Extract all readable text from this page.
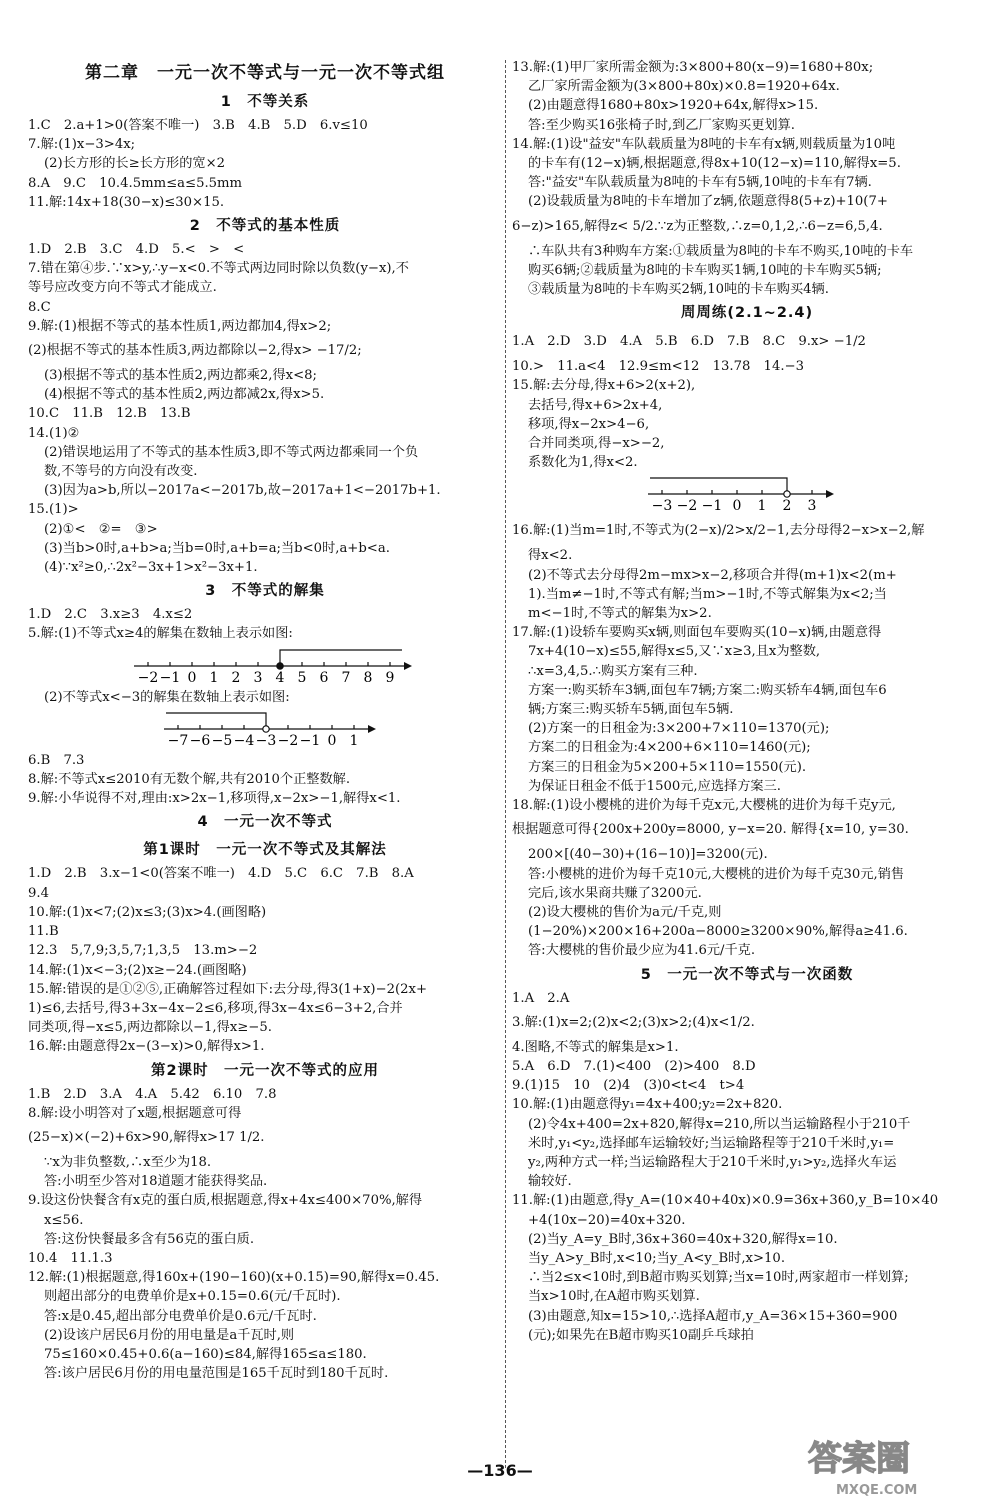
第二章　一元一次不等式与一元一次不等式组
1　不等关系
1.C　2.a+1>0(答案不唯一)　3.B　4.B　5.D　6.v≤10
7.解:(1)x−3>4x;
(2)长方形的长≥长方形的宽×2
8.A　9.C　10.4.5mm≤a≤5.5mm
11.解:14x+18(30−x)≤30×15.
2　不等式的基本性质
1.D　2.B　3.C　4.D　5.<　>　<
7.错在第④步.∵x>y,∴y−x<0.不等式两边同时除以负数(y−x),不
等号应改变方向不等式才能成立.
8.C
9.解:(1)根据不等式的基本性质1,两边都加4,得x>2;
(2)根据不等式的基本性质3,两边都除以−2,得x> −17/2;
(3)根据不等式的基本性质2,两边都乘2,得x<8;
(4)根据不等式的基本性质2,两边都减2x,得x>5.
10.C　11.B　12.B　13.B
14.(1)②
(2)错误地运用了不等式的基本性质3,即不等式两边都乘同一个负
数,不等号的方向没有改变.
(3)因为a>b,所以−2017a<−2017b,故−2017a+1<−2017b+1.
15.(1)>
(2)①<　②=　③>
(3)当b>0时,a+b>a;当b=0时,a+b=a;当b<0时,a+b<a.
(4)∵x²≥0,∴2x²−3x+1>x²−3x+1.
3　不等式的解集
1.D　2.C　3.x≥3　4.x≤2
5.解:(1)不等式x≥4的解集在数轴上表示如图:
−2 −1 0 1 2 3 4 5 6 7 8 9
(2)不等式x<−3的解集在数轴上表示如图:
−7 −6 −5 −4 −3 −2 −1 0 1
6.B　7.3
8.解:不等式x≤2010有无数个解,共有2010个正整数解.
9.解:小华说得不对,理由:x>2x−1,移项得,x−2x>−1,解得x<1.
4　一元一次不等式
第1课时　一元一次不等式及其解法
1.D　2.B　3.x−1<0(答案不唯一)　4.D　5.C　6.C　7.B　8.A
9.4
10.解:(1)x<7;(2)x≤3;(3)x>4.(画图略)
11.B
12.3　5,7,9;3,5,7;1,3,5　13.m>−2
14.解:(1)x<−3;(2)x≥−24.(画图略)
15.解:错误的是①②⑤,正确解答过程如下:去分母,得3(1+x)−2(2x+
1)≤6,去括号,得3+3x−4x−2≤6,移项,得3x−4x≤6−3+2,合并
同类项,得−x≤5,两边都除以−1,得x≥−5.
16.解:由题意得2x−(3−x)>0,解得x>1.
第2课时　一元一次不等式的应用
1.B　2.D　3.A　4.A　5.42　6.10　7.8
8.解:设小明答对了x题,根据题意可得
(25−x)×(−2)+6x>90,解得x>17 1/2.
∵x为非负整数,∴x至少为18.
答:小明至少答对18道题才能获得奖品.
9.设这份快餐含有x克的蛋白质,根据题意,得x+4x≤400×70%,解得
x≤56.
答:这份快餐最多含有56克的蛋白质.
10.4　11.1.3
12.解:(1)根据题意,得160x+(190−160)(x+0.15)=90,解得x=0.45.
则超出部分的电费单价是x+0.15=0.6(元/千瓦时).
答:x是0.45,超出部分电费单价是0.6元/千瓦时.
(2)设该户居民6月份的用电量是a千瓦时,则
75≤160×0.45+0.6(a−160)≤84,解得165≤a≤180.
答:该户居民6月份的用电量范围是165千瓦时到180千瓦时.
13.解:(1)甲厂家所需金额为:3×800+80(x−9)=1680+80x;
乙厂家所需金额为(3×800+80x)×0.8=1920+64x.
(2)由题意得1680+80x>1920+64x,解得x>15.
答:至少购买16张椅子时,到乙厂家购买更划算.
14.解:(1)设"益安"车队载质量为8吨的卡车有x辆,则载质量为10吨
的卡车有(12−x)辆,根据题意,得8x+10(12−x)=110,解得x=5.
答:"益安"车队载质量为8吨的卡车有5辆,10吨的卡车有7辆.
(2)设载质量为8吨的卡车增加了z辆,依题意得8(5+z)+10(7+
6−z)>165,解得z< 5/2.∵z为正整数,∴z=0,1,2,∴6−z=6,5,4.
∴车队共有3种购车方案:①载质量为8吨的卡车不购买,10吨的卡车
购买6辆;②载质量为8吨的卡车购买1辆,10吨的卡车购买5辆;
③载质量为8吨的卡车购买2辆,10吨的卡车购买4辆.
周周练(2.1~2.4)
1.A　2.D　3.D　4.A　5.B　6.D　7.B　8.C　9.x> −1/2
10.>　11.a<4　12.9≤m<12　13.78　14.−3
15.解:去分母,得x+6>2(x+2),
去括号,得x+6>2x+4,
移项,得x−2x>4−6,
合并同类项,得−x>−2,
系数化为1,得x<2.
−3 −2 −1 0 1 2 3
16.解:(1)当m=1时,不等式为(2−x)/2>x/2−1,去分母得2−x>x−2,解
得x<2.
(2)不等式去分母得2m−mx>x−2,移项合并得(m+1)x<2(m+
1).当m≠−1时,不等式有解;当m>−1时,不等式解集为x<2;当
m<−1时,不等式的解集为x>2.
17.解:(1)设轿车要购买x辆,则面包车要购买(10−x)辆,由题意得
7x+4(10−x)≤55,解得x≤5,又∵x≥3,且x为整数,
∴x=3,4,5.∴购买方案有三种.
方案一:购买轿车3辆,面包车7辆;方案二:购买轿车4辆,面包车6
辆;方案三:购买轿车5辆,面包车5辆.
(2)方案一的日租金为:3×200+7×110=1370(元);
方案二的日租金为:4×200+6×110=1460(元);
方案三的日租金为5×200+5×110=1550(元).
为保证日租金不低于1500元,应选择方案三.
18.解:(1)设小樱桃的进价为每千克x元,大樱桃的进价为每千克y元,
根据题意可得{200x+200y=8000, y−x=20. 解得{x=10, y=30.
200×[(40−30)+(16−10)]=3200(元).
答:小樱桃的进价为每千克10元,大樱桃的进价为每千克30元,销售
完后,该水果商共赚了3200元.
(2)设大樱桃的售价为a元/千克,则
(1−20%)×200×16+200a−8000≥3200×90%,解得a≥41.6.
答:大樱桃的售价最少应为41.6元/千克.
5　一元一次不等式与一次函数
1.A　2.A
3.解:(1)x=2;(2)x<2;(3)x>2;(4)x<1/2.
4.图略,不等式的解集是x>1.
5.A　6.D　7.(1)<400　(2)>400　8.D
9.(1)15　10　(2)4　(3)0<t<4　t>4
10.解:(1)由题意得y₁=4x+400;y₂=2x+820.
(2)令4x+400=2x+820,解得x=210,所以当运输路程小于210千
米时,y₁<y₂,选择邮车运输较好;当运输路程等于210千米时,y₁=
y₂,两种方式一样;当运输路程大于210千米时,y₁>y₂,选择火车运
输较好.
11.解:(1)由题意,得y_A=(10×40+40x)×0.9=36x+360,y_B=10×40
+4(10x−20)=40x+320.
(2)当y_A=y_B时,36x+360=40x+320,解得x=10.
当y_A>y_B时,x<10;当y_A<y_B时,x>10.
∴当2≤x<10时,到B超市购买划算;当x=10时,两家超市一样划算;
当x>10时,在A超市购买划算.
(3)由题意,知x=15>10,∴选择A超市,y_A=36×15+360=900
(元);如果先在B超市购买10副乒乓球拍
—136—	答案圈
MXQE.COM
